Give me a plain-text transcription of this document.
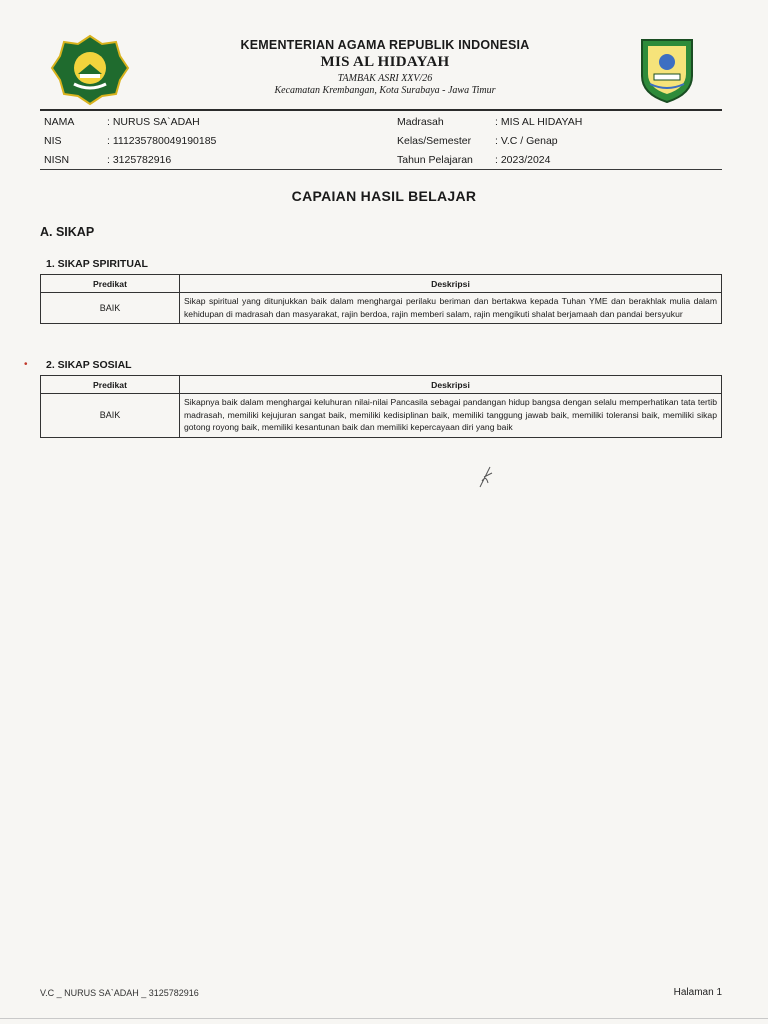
KEMENTERIAN AGAMA REPUBLIK INDONESIA
MIS AL HIDAYAH
TAMBAK ASRI XXV/26
Kecamatan Krembangan, Kota Surabaya - Jawa Timur
NAMA	: NURUS SA`ADAH	Madrasah	: MIS AL HIDAYAH
NIS	: 111235780049190185	Kelas/Semester : V.C / Genap
NISN	: 3125782916	Tahun Pelajaran : 2023/2024
CAPAIAN HASIL BELAJAR
A. SIKAP
1. SIKAP SPIRITUAL
Predikat	Deskripsi
BAIK	Sikap spiritual yang ditunjukkan baik dalam menghargai perilaku beriman dan bertakwa kepada Tuhan YME dan berakhlak mulia dalam kehidupan di madrasah dan masyarakat, rajin berdoa, rajin memberi salam, rajin mengikuti shalat berjamaah dan pandai bersyukur
• 2. SIKAP SOSIAL
Predikat	Deskripsi
BAIK	Sikapnya baik dalam menghargai keluhuran nilai-nilai Pancasila sebagai pandangan hidup bangsa dengan selalu memperhatikan tata tertib madrasah, memiliki kejujuran sangat baik, memiliki kedisiplinan baik, memiliki tanggung jawab baik, memiliki toleransi baik, memiliki sikap gotong royong baik, memiliki kesantunan baik dan memiliki kepercayaan diri yang baik
V.C _ NURUS SA`ADAH _ 3125782916	Halaman 1
